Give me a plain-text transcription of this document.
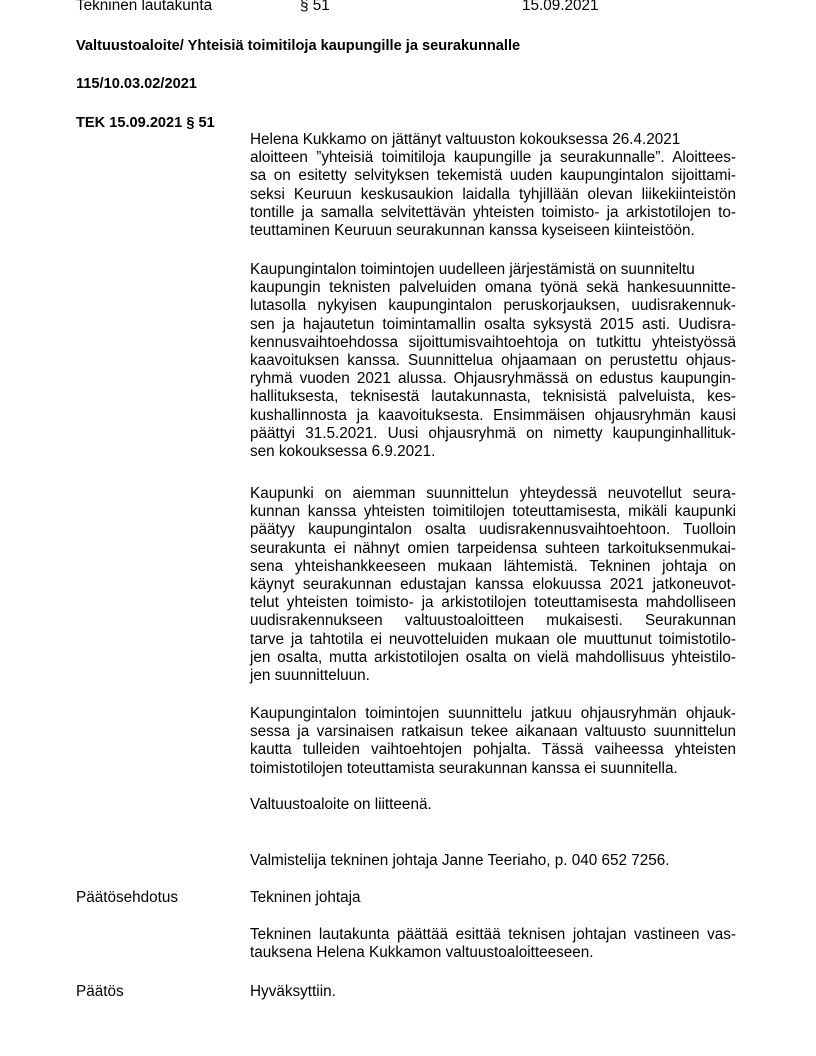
Tekninen lautakunta	§ 51	15.09.2021
Valtuustoaloite/ Yhteisiä toimitiloja kaupungille ja seurakunnalle
115/10.03.02/2021
TEK 15.09.2021 § 51
Helena Kukkamo on jättänyt valtuuston kokouksessa 26.4.2021
aloitteen ”yhteisiä toimitiloja kaupungille ja seurakunnalle”. Aloittees-
sa on esitetty selvityksen tekemistä uuden kaupungintalon sijoittami-
seksi Keuruun keskusaukion laidalla tyhjillään olevan liikekiinteistön
tontille ja samalla selvitettävän yhteisten toimisto- ja arkistotilojen to-
teuttaminen Keuruun seurakunnan kanssa kyseiseen kiinteistöön.
Kaupungintalon toimintojen uudelleen järjestämistä on suunniteltu
kaupungin teknisten palveluiden omana työnä sekä hankesuunnitte-
lutasolla nykyisen kaupungintalon peruskorjauksen, uudisrakennuk-
sen ja hajautetun toimintamallin osalta syksystä 2015 asti. Uudisra-
kennusvaihtoehdossa sijoittumisvaihtoehtoja on tutkittu yhteistyössä
kaavoituksen kanssa. Suunnittelua ohjaamaan on perustettu ohjaus-
ryhmä vuoden 2021 alussa. Ohjausryhmässä on edustus kaupungin-
hallituksesta, teknisestä lautakunnasta, teknisistä palveluista, kes-
kushallinnosta ja kaavoituksesta. Ensimmäisen ohjausryhmän kausi
päättyi 31.5.2021. Uusi ohjausryhmä on nimetty kaupunginhallituk-
sen kokouksessa 6.9.2021.
Kaupunki on aiemman suunnittelun yhteydessä neuvotellut seura-
kunnan kanssa yhteisten toimitilojen toteuttamisesta, mikäli kaupunki
päätyy kaupungintalon osalta uudisrakennusvaihtoehtoon. Tuolloin
seurakunta ei nähnyt omien tarpeidensa suhteen tarkoituksenmukai-
sena yhteishankkeeseen mukaan lähtemistä. Tekninen johtaja on
käynyt seurakunnan edustajan kanssa elokuussa 2021 jatkoneuvot-
telut yhteisten toimisto- ja arkistotilojen toteuttamisesta mahdolliseen
uudisrakennukseen valtuustoaloitteen mukaisesti. Seurakunnan
tarve ja tahtotila ei neuvotteluiden mukaan ole muuttunut toimistotilo-
jen osalta, mutta arkistotilojen osalta on vielä mahdollisuus yhteistilo-
jen suunnitteluun.
Kaupungintalon toimintojen suunnittelu jatkuu ohjausryhmän ohjauk-
sessa ja varsinaisen ratkaisun tekee aikanaan valtuusto suunnittelun
kautta tulleiden vaihtoehtojen pohjalta. Tässä vaiheessa yhteisten
toimistotilojen toteuttamista seurakunnan kanssa ei suunnitella.
Valtuustoaloite on liitteenä.
Valmistelija tekninen johtaja Janne Teeriaho, p. 040 652 7256.
Päätösehdotus	Tekninen johtaja
Tekninen lautakunta päättää esittää teknisen johtajan vastineen vas-
tauksena Helena Kukkamon valtuustoaloitteeseen.
Päätös	Hyväksyttiin.
